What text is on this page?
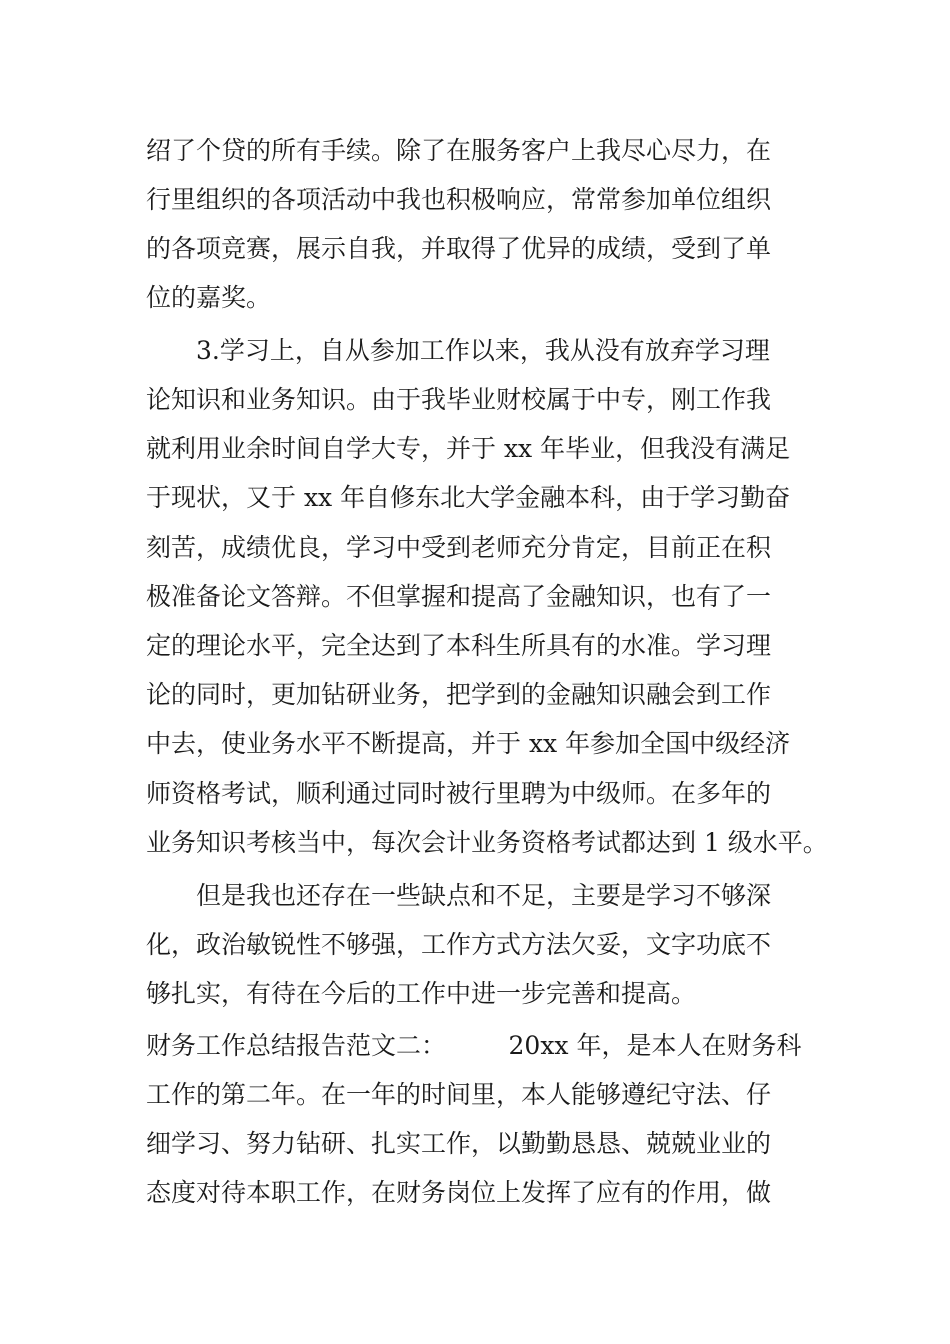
绍了个贷的所有手续。除了在服务客户上我尽心尽力，在
行里组织的各项活动中我也积极响应，常常参加单位组织
的各项竞赛，展示自我，并取得了优异的成绩，受到了单
位的嘉奖。
3.学习上，自从参加工作以来，我从没有放弃学习理
论知识和业务知识。由于我毕业财校属于中专，刚工作我
就利用业余时间自学大专，并于 xx 年毕业，但我没有满足
于现状，又于 xx 年自修东北大学金融本科，由于学习勤奋
刻苦，成绩优良，学习中受到老师充分肯定，目前正在积
极准备论文答辩。不但掌握和提高了金融知识，也有了一
定的理论水平，完全达到了本科生所具有的水准。学习理
论的同时，更加钻研业务，把学到的金融知识融会到工作
中去，使业务水平不断提高，并于 xx 年参加全国中级经济
师资格考试，顺利通过同时被行里聘为中级师。在多年的
业务知识考核当中，每次会计业务资格考试都达到 1 级水平。
但是我也还存在一些缺点和不足，主要是学习不够深
化，政治敏锐性不够强，工作方式方法欠妥，文字功底不
够扎实，有待在今后的工作中进一步完善和提高。
财务工作总结报告范文二：　　　20xx 年，是本人在财务科
工作的第二年。在一年的时间里，本人能够遵纪守法、仔
细学习、努力钻研、扎实工作，以勤勤恳恳、兢兢业业的
态度对待本职工作，在财务岗位上发挥了应有的作用，做
